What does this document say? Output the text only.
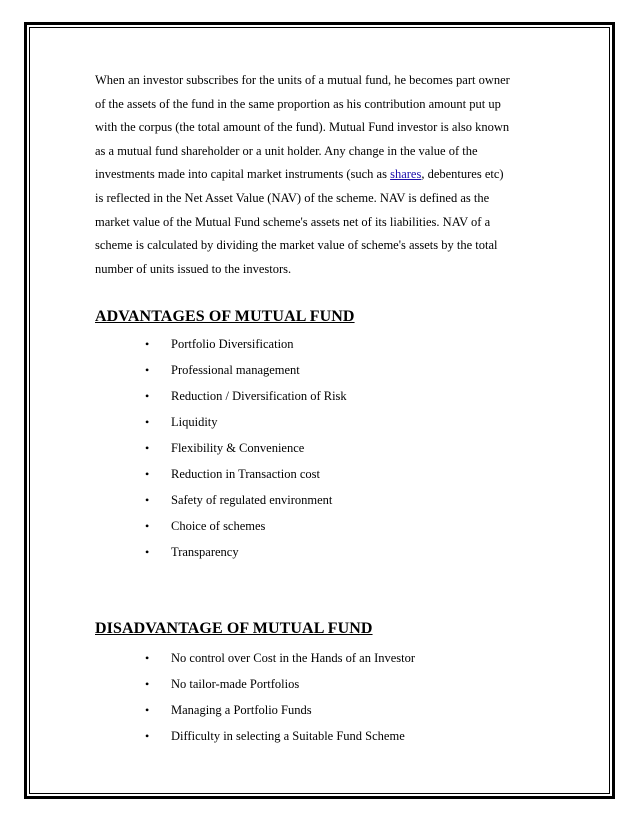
When an investor subscribes for the units of a mutual fund, he becomes part owner
of the assets of the fund in the same proportion as his contribution amount put up
with the corpus (the total amount of the fund). Mutual Fund investor is also known
as a mutual fund shareholder or a unit holder. Any change in the value of the
investments made into capital market instruments (such as shares, debentures etc)
is reflected in the Net Asset Value (NAV) of the scheme. NAV is defined as the
market value of the Mutual Fund scheme's assets net of its liabilities. NAV of a
scheme is calculated by dividing the market value of scheme's assets by the total
number of units issued to the investors.

ADVANTAGES OF MUTUAL FUND
• Portfolio Diversification
• Professional management
• Reduction / Diversification of Risk
• Liquidity
• Flexibility & Convenience
• Reduction in Transaction cost
• Safety of regulated environment
• Choice of schemes
• Transparency
DISADVANTAGE OF MUTUAL FUND
• No control over Cost in the Hands of an Investor
• No tailor-made Portfolios
• Managing a Portfolio Funds
• Difficulty in selecting a Suitable Fund Scheme
